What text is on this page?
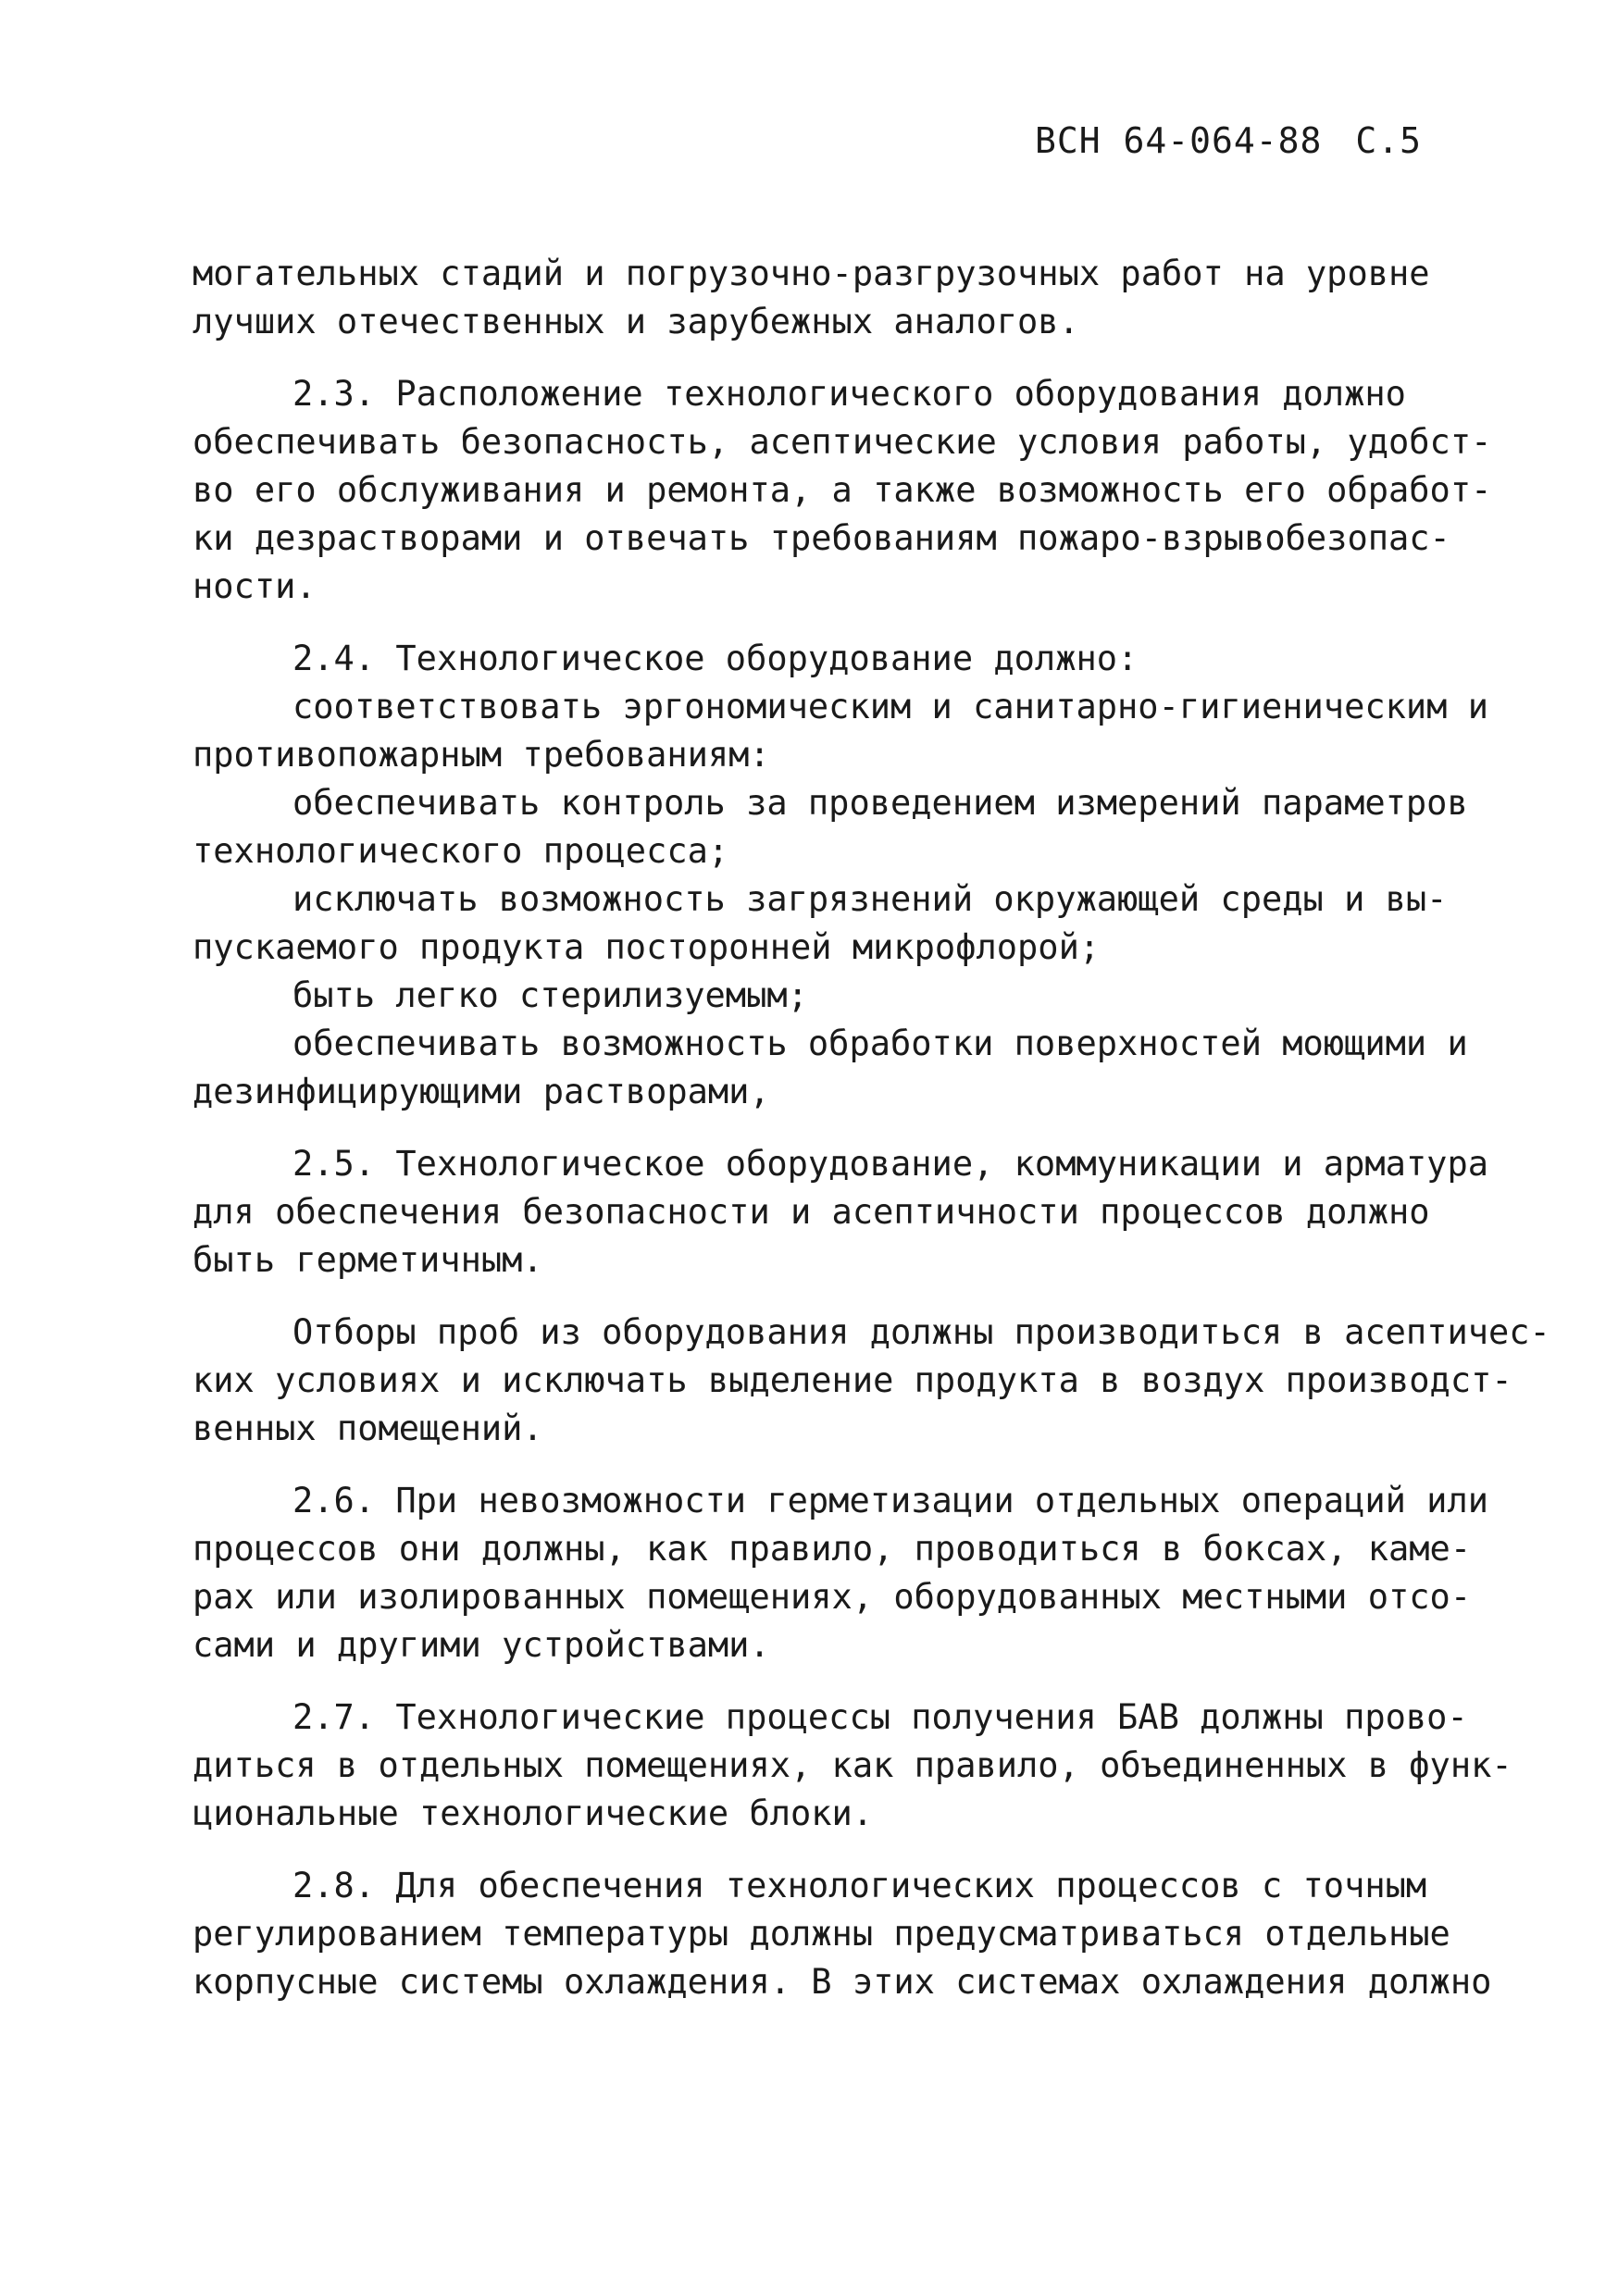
ВСН 64-064-88 С.5
могательных стадий и погрузочно-разгрузочных работ на уровне
лучших отечественных и зарубежных аналогов.
2.3. Расположение технологического оборудования должно
обеспечивать безопасность, асептические условия работы, удобст-
во его обслуживания и ремонта, а также возможность его обработ-
ки дезрастворами и отвечать требованиям пожаро-взрывобезопас-
ности.
2.4. Технологическое оборудование должно:
соответствовать эргономическим и санитарно-гигиеническим и
противопожарным требованиям:
обеспечивать контроль за проведением измерений параметров
технологического процесса;
исключать возможность загрязнений окружающей среды и вы-
пускаемого продукта посторонней микрофлорой;
быть легко стерилизуемым;
обеспечивать возможность обработки поверхностей моющими и
дезинфицирующими растворами,
2.5. Технологическое оборудование, коммуникации и арматура
для обеспечения безопасности и асептичности процессов должно
быть герметичным.
Отборы проб из оборудования должны производиться в асептичес-
ких условиях и исключать выделение продукта в воздух производст-
венных помещений.
2.6. При невозможности герметизации отдельных операций или
процессов они должны, как правило, проводиться в боксах, каме-
рах или изолированных помещениях, оборудованных местными отсо-
сами и другими устройствами.
2.7. Технологические процессы получения БАВ должны прово-
диться в отдельных помещениях, как правило, объединенных в функ-
циональные технологические блоки.
2.8. Для обеспечения технологических процессов с точным
регулированием температуры должны предусматриваться отдельные
корпусные системы охлаждения. В этих системах охлаждения должно
